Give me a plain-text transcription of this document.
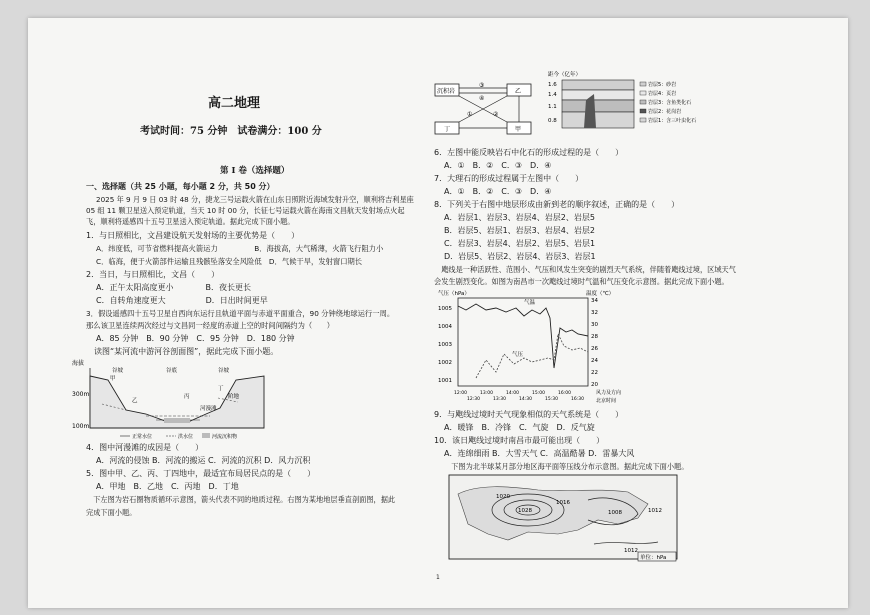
高二地理
考试时间：75 分钟　试卷满分：100 分
第 I 卷（选择题）
一、选择题（共 25 小题，每小题 2 分，共 50 分）
2025 年 9 月 9 日 03 时 48 分，捷龙三号运载火箭在山东日照附近海域发射升空，顺利将吉利星座
05 组 11 颗卫星送入预定轨道，当天 10 时 00 分，长征七号运载火箭在海南文昌航天发射场点火起
飞，顺利将遥感四十五号卫星送入预定轨道。据此完成下面小题。
1．与日照相比，文昌建设航天发射场的主要优势是（　　）
A．纬度低，可节省燃料提高火箭运力　　　　　B．海拔高，大气稀薄，火箭飞行阻力小
C．临海，便于火箭部件运输且残骸坠落安全风险低　D．气候干旱，发射窗口期长
2．当日，与日照相比，文昌（　　）
A．正午太阳高度更小　　　　B．夜长更长
C．自转角速度更大　　　　　D．日出时间更早
3．假设遥感四十五号卫星自西向东运行且轨道平面与赤道平面重合，90 分钟绕地球运行一周。
那么该卫星连续两次经过与文昌同一经度的赤道上空的时间间隔约为（　　）
A．85 分钟　B．90 分钟　C．95 分钟　D．180 分钟
　读图“某河流中游河谷剖面图”，据此完成下面小题。
海拔
300m
100m
谷坡	谷底	谷坡
甲
乙
丙
丁
阶地
河漫滩
正常水位	洪水位	河流沉积物
4．图中河漫滩的成因是（　　）
A．河流的侵蚀 B．河流的搬运 C．河流的沉积 D．风力沉积
5．图中甲、乙、丙、丁四地中，最适宜布局居民点的是（　　）
A．甲地　B．乙地　C．丙地　D．丁地
　下左图为岩石圈物质循环示意图，箭头代表不同的地质过程。右图为某地地层垂直剖面图，据此
完成下面小题。
沉积岩	乙
丁	甲
③
④
①	②
距今（亿年）
1.6
1.4
1.1
0.8
岩层5：砂岩
岩层4：页岩
岩层3：含鱼类化石
岩层2：花岗岩
岩层1：含三叶虫化石
6．左图中能反映岩石中化石的形成过程的是（　　）
A．①　B．②　C．③　D．④
7．大理石的形成过程属于左图中（　　）
A．①　B．②　C．③　D．④
8．下列关于右图中地层形成由新到老的顺序叙述，正确的是（　　）
A．岩层1、岩层3、岩层4、岩层2、岩层5
B．岩层5、岩层1、岩层3、岩层4、岩层2
C．岩层3、岩层4、岩层2、岩层5、岩层1
D．岩层5、岩层2、岩层4、岩层3、岩层1
　飑线是一种活跃性、范围小、气压和风发生突变的剧烈天气系统，伴随着飑线过境，区域天气
会发生剧烈变化。如图为南昌市一次飑线过境时气温和气压变化示意图。据此完成下面小题。
气压（hPa）	温度（℃）
1005
1004
1003
1002
1001
34
32
30
28
26
24
22
20
气温
气压
风力及方向
北京时间
12:00
12:30
13:00
13:30
14:00
14:30
15:00
15:30
16:00
16:30
9．与飑线过境时天气现象相似的天气系统是（　　）
A．暖锋　B．冷锋　C．气旋　D．反气旋
10．该日飑线过境时南昌市最可能出现（　　）
A．连绵细雨 B．大雪天气 C．高温酷暑 D．雷暴大风
　下图为北半球某月部分地区海平面等压线分布示意图。据此完成下面小题。
1028
1020
1016
1012
1008
1012
单位：hPa
1
